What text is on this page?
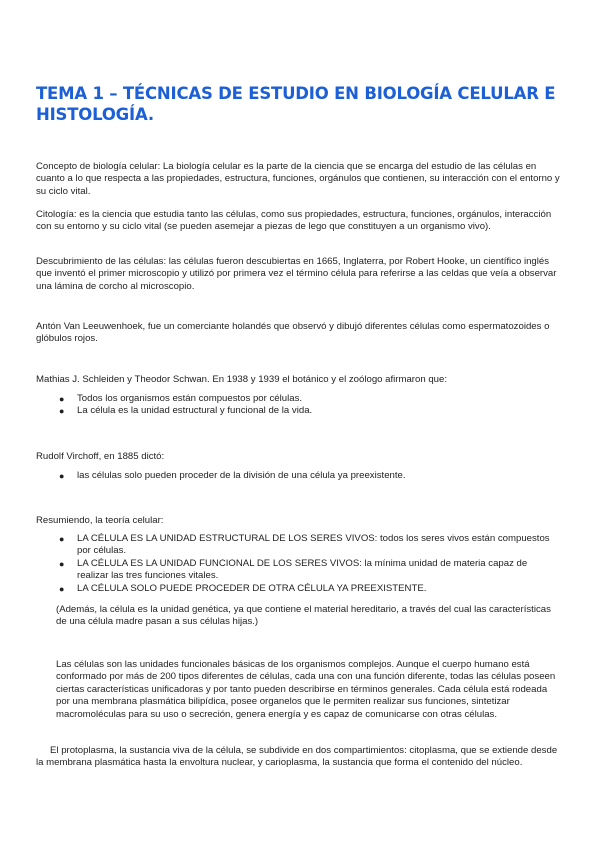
TEMA 1 – TÉCNICAS DE ESTUDIO EN BIOLOGÍA CELULAR E HISTOLOGÍA.

Concepto de biología celular: La biología celular es la parte de la ciencia que se encarga del estudio de las células en cuanto a lo que respecta a las propiedades, estructura, funciones, orgánulos que contienen, su interacción con el entorno y su ciclo vital.

Citología: es la ciencia que estudia tanto las células, como sus propiedades, estructura, funciones, orgánulos, interacción con su entorno y su ciclo vital (se pueden asemejar a piezas de lego que constituyen a un organismo vivo).

Descubrimiento de las células: las células fueron descubiertas en 1665, Inglaterra, por Robert Hooke, un científico inglés que inventó el primer microscopio y utilizó por primera vez el término célula para referirse a las celdas que veía a observar una lámina de corcho al microscopio.

Antón Van Leeuwenhoek, fue un comerciante holandés que observó y dibujó diferentes células como espermatozoides o glóbulos rojos.

Mathias J. Schleiden y Theodor Schwan. En 1938 y 1939 el botánico y el zoólogo afirmaron que:

● Todos los organismos están compuestos por células.
● La célula es la unidad estructural y funcional de la vida.

Rudolf Virchoff, en 1885 dictó:

● las células solo pueden proceder de la división de una célula ya preexistente.

Resumiendo, la teoría celular:

● LA CÉLULA ES LA UNIDAD ESTRUCTURAL DE LOS SERES VIVOS: todos los seres vivos están compuestos por células.
● LA CÉLULA ES LA UNIDAD FUNCIONAL DE LOS SERES VIVOS: la mínima unidad de materia capaz de realizar las tres funciones vitales.
● LA CÉLULA SOLO PUEDE PROCEDER DE OTRA CÉLULA YA PREEXISTENTE.

(Además, la célula es la unidad genética, ya que contiene el material hereditario, a través del cual las características de una célula madre pasan a sus células hijas.)

Las células son las unidades funcionales básicas de los organismos complejos. Aunque el cuerpo humano está conformado por más de 200 tipos diferentes de células, cada una con una función diferente, todas las células poseen ciertas características unificadoras y por tanto pueden describirse en términos generales. Cada célula está rodeada por una membrana plasmática bilipídica, posee organelos que le permiten realizar sus funciones, sintetizar macromoléculas para su uso o secreción, genera energía y es capaz de comunicarse con otras células.

El protoplasma, la sustancia viva de la célula, se subdivide en dos compartimientos: citoplasma, que se extiende desde la membrana plasmática hasta la envoltura nuclear, y carioplasma, la sustancia que forma el contenido del núcleo.
